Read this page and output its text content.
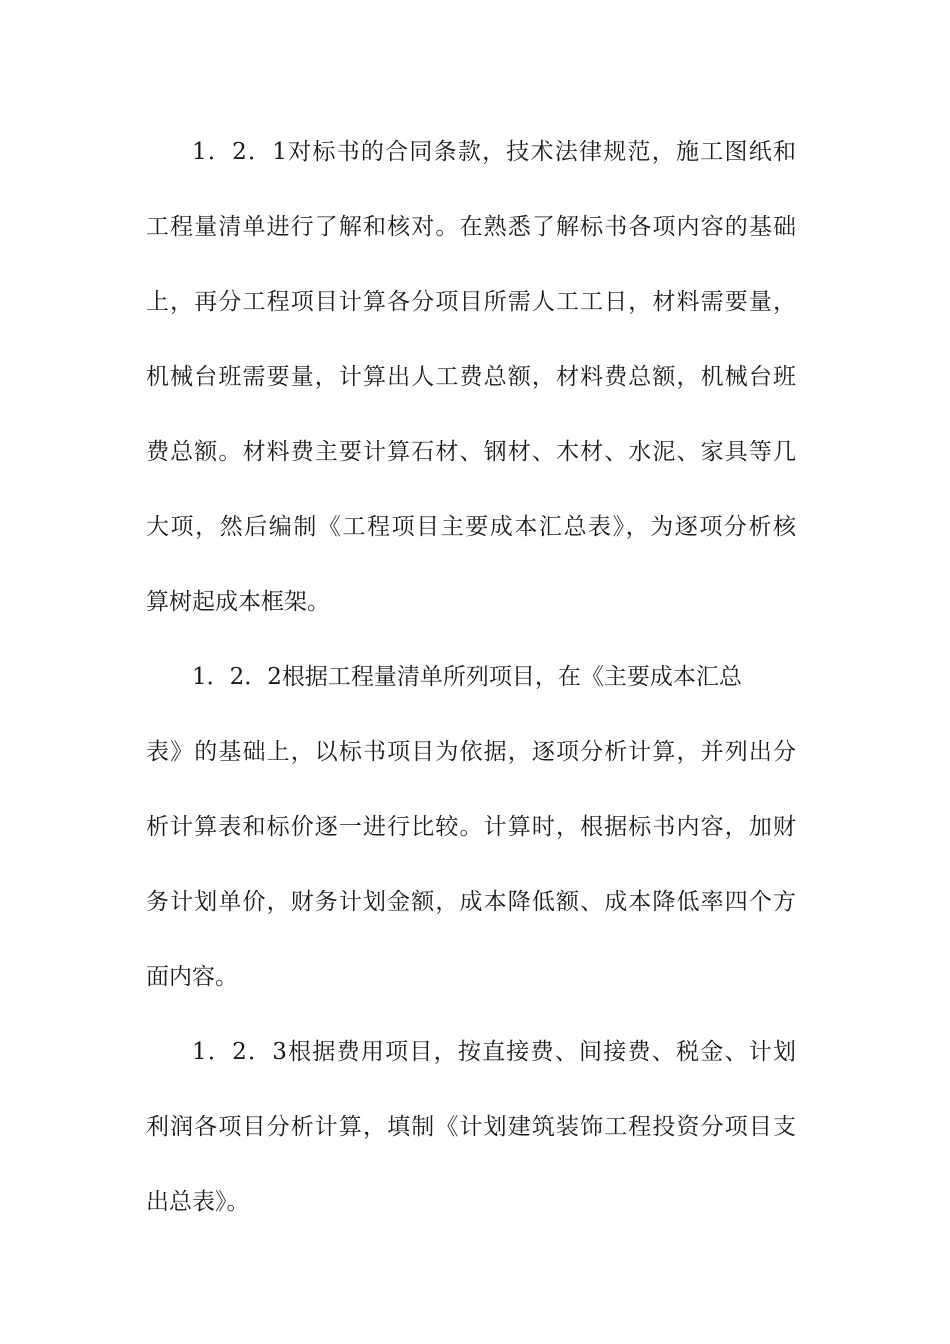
1．2．1对标书的合同条款，技术法律规范，施工图纸和
工程量清单进行了解和核对。在熟悉了解标书各项内容的基础
上，再分工程项目计算各分项目所需人工工日，材料需要量，
机械台班需要量，计算出人工费总额，材料费总额，机械台班
费总额。材料费主要计算石材、钢材、木材、水泥、家具等几
大项，然后编制《工程项目主要成本汇总表》，为逐项分析核
算树起成本框架。
1．2．2根据工程量清单所列项目，在《主要成本汇总
表》的基础上，以标书项目为依据，逐项分析计算，并列出分
析计算表和标价逐一进行比较。计算时，根据标书内容，加财
务计划单价，财务计划金额，成本降低额、成本降低率四个方
面内容。
1．2．3根据费用项目，按直接费、间接费、税金、计划
利润各项目分析计算，填制《计划建筑装饰工程投资分项目支
出总表》。
